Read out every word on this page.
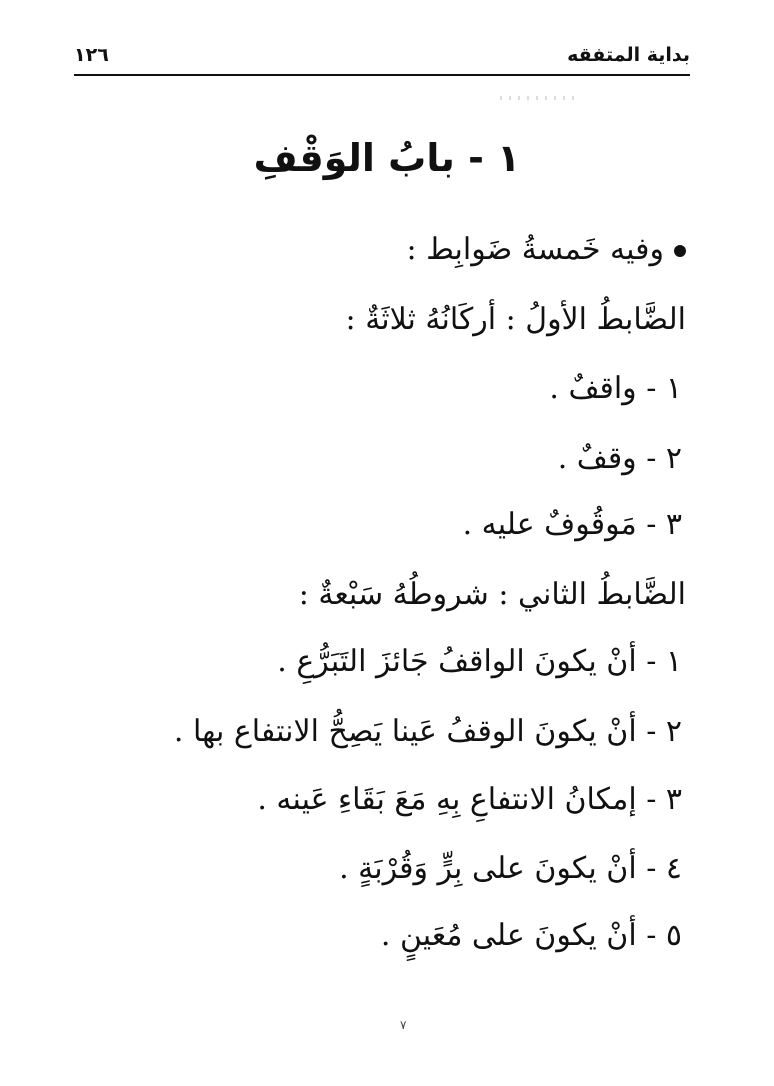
بداية المتفقه
١٢٦
١ - بابُ الوَقْفِ
وفيه خَمسةُ ضَوابِط :
الضَّابطُ الأولُ : أركَانُهُ ثلاثَةٌ :
١ - واقفٌ .
٢ - وقفٌ .
٣ - مَوقُوفٌ عليه .
الضَّابطُ الثاني : شروطُهُ سَبْعةٌ :
١ - أنْ يكونَ الواقفُ جَائزَ التَبَرُّعِ .
٢ - أنْ يكونَ الوقفُ عَينا يَصِحُّ الانتفاع بها .
٣ - إمكانُ الانتفاعِ بِهِ مَعَ بَقَاءِ عَينه .
٤ - أنْ يكونَ على بِرٍّ وَقُرْبَةٍ .
٥ - أنْ يكونَ على مُعَينٍ .
٧
